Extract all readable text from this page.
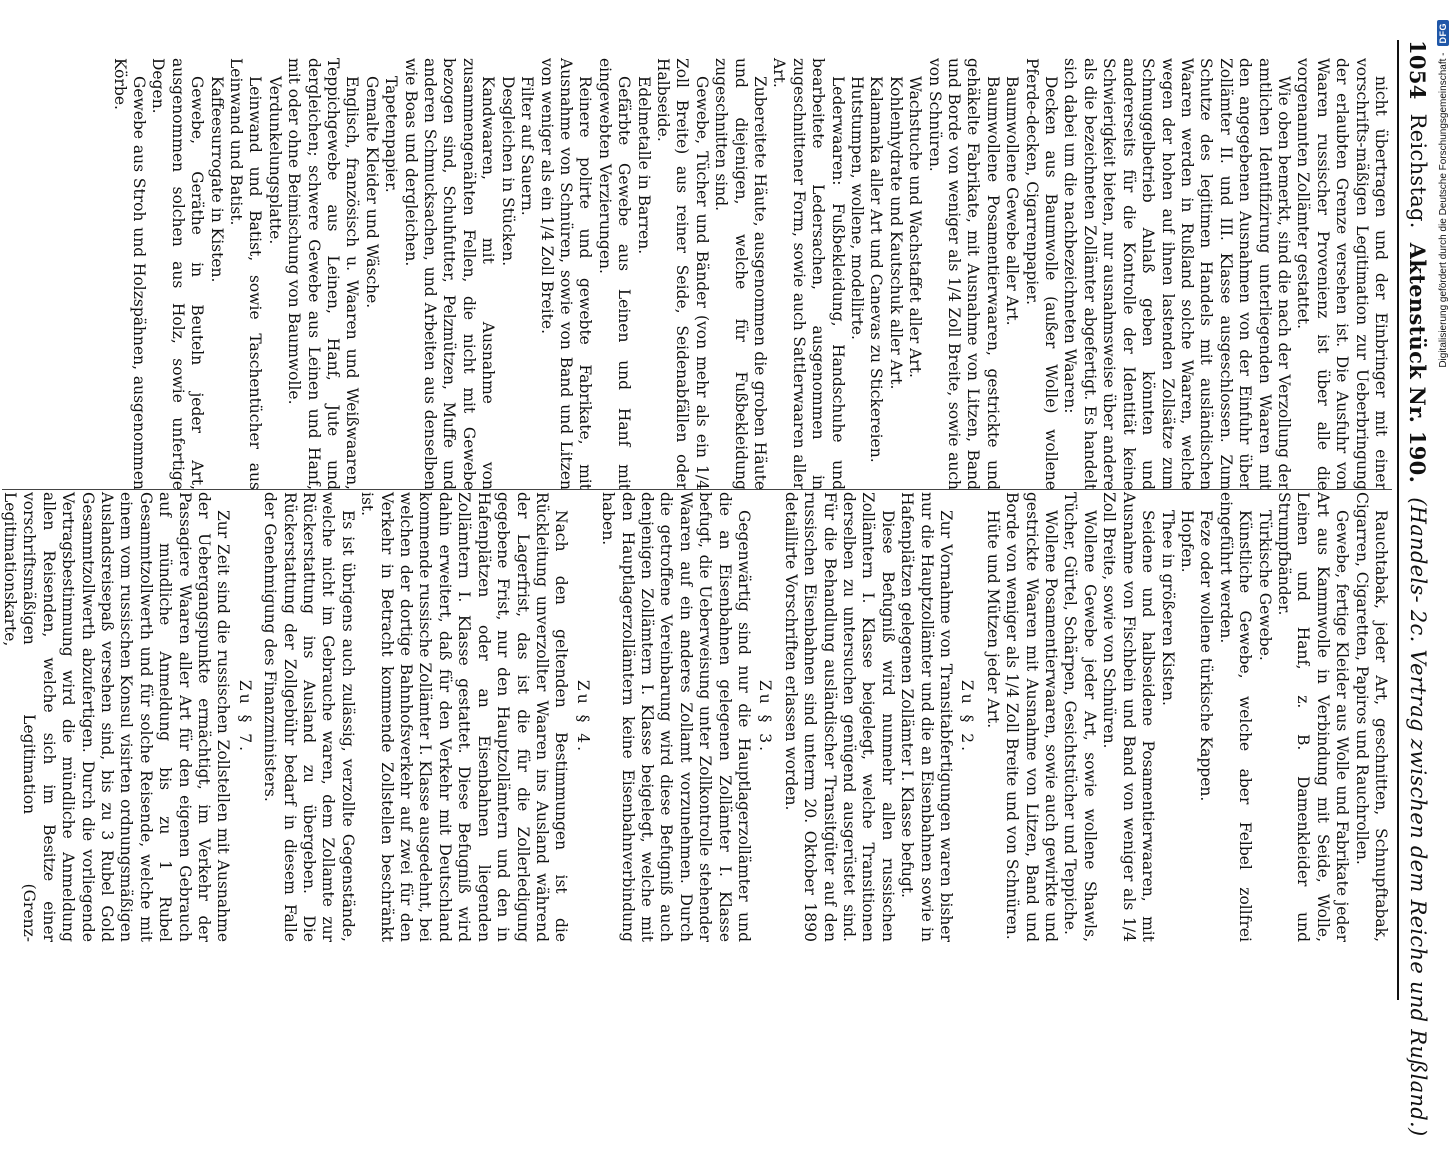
1054
Reichstag.
Aktenstück Nr. 190.
(Handels- 2c. Vertrag zwischen dem Reiche und Rußland.)

nicht übertragen und der Einbringer mit einer vorschrifts-mäßigen Legitimation zur Ueberbringung der erlaubten Grenze versehen ist. Die Ausfuhr von Waaren russischer Provenienz ist über alle die vorgenannten Zollämter gestattet.

Wie oben bemerkt, sind die nach der Verzollung der amtlichen Identifizirung unterliegenden Waaren mit den angegebenen Ausnahmen von der Einfuhr über Zollämter II. und III. Klasse ausgeschlossen. Zum Schutze des legitimen Handels mit ausländischen Waaren werden in Rußland solche Waaren, welche wegen der hohen auf ihnen lastenden Zollsätze zum Schmuggelbetrieb Anlaß geben könnten und andererseits für die Kontrolle der Identität keine Schwierigkeit bieten, nur ausnahmsweise über andere als die bezeichneten Zollämter abgefertigt. Es handelt sich dabei um die nachbezeichneten Waaren:

Decken aus Baumwolle (außer Wolle) wollene Pferde-decken, Cigarrenpapier.

Baumwollene Gewebe aller Art.

Baumwollene Posamentierwaaren, gestrickte und gehäkelte Fabrikate, mit Ausnahme von Litzen, Band und Borde von weniger als 1/4 Zoll Breite, sowie auch von Schnüren.

Wachstuche und Wachstaffet aller Art.

Kohlenhydrate und Kautschuk aller Art.

Kalamanka aller Art und Canevas zu Stickereien.

Hutstumpen, wollene, modellirte.

Lederwaaren: Fußbekleidung, Handschuhe und bearbeitete Ledersachen, ausgenommen in zugeschnittener Form, sowie auch Sattlerwaaren aller Art.

Zubereitete Häute, ausgenommen die groben Häute und diejenigen, welche für Fußbekleidung zugeschnitten sind.

Gewebe, Tücher und Bänder (von mehr als ein 1/4 Zoll Breite) aus reiner Seide, Seidenabfällen oder Halbseide.

Edelmetalle in Barren.

Gefärbte Gewebe aus Leinen und Hanf mit eingewebten Verzierungen.

Reinere polirte und gewebte Fabrikate, mit Ausnahme von Schnüren, sowie von Band und Litzen von weniger als ein 1/4 Zoll Breite.

Filter auf Sauern.

Desgleichen in Stücken.

Kandwaaren, mit Ausnahme von zusammengenähten Fellen, die nicht mit Gewebe bezogen sind, Schuhfutter, Pelzmützen, Muffe und anderen Schmucksachen, und Arbeiten aus denselben wie Boas und dergleichen.

Tapetenpapier.

Gemalte Kleider und Wäsche.

Englisch, französisch u. Waaren und Weißwaaren, Teppichgewebe aus Leinen, Hanf, Jute und dergleichen; schwere Gewebe aus Leinen und Hanf, mit oder ohne Beimischung von Baumwolle.

Verdunkelungsplatte.

Leinwand und Batist, sowie Taschentücher aus Leinwand und Batist.

Kaffeesurrogate in Kisten.

Gewebe, Geräthe in Beuteln jeder Art, ausgenommen solchen aus Holz, sowie unfertige Degen.

Gewebe aus Stroh und Holzspähnen, ausgenommen Körbe.

Rauchtabak, jeder Art, geschnitten, Schnupftabak, Cigarren, Cigaretten, Papiros und Rauchrollen.

Gewebe, fertige Kleider aus Wolle und Fabrikate jeder Art aus Kammwolle in Verbindung mit Seide, Wolle, Leinen und Hanf, z. B. Damenkleider und Strumpfbänder.

Türkische Gewebe.

Künstliche Gewebe, welche aber Felbel zollfrei eingeführt werden.

Feze oder wollene türkische Kappen.

Hopfen.

Thee in größeren Kisten.

Seidene und halbseidene Posamentierwaaren, mit Ausnahme von Fischbein und Band von weniger als 1/4 Zoll Breite, sowie von Schnüren.

Wollene Gewebe jeder Art, sowie wollene Shawls, Tücher, Gürtel, Schärpen, Gesichtstücher und Teppiche.

Wollene Posamentierwaaren, sowie auch gewirkte und gestrickte Waaren mit Ausnahme von Litzen, Band und Borde von weniger als 1/4 Zoll Breite und von Schnüren.

Hüte und Mützen jeder Art.

Zu § 2.

Zur Vornahme von Transitabfertigungen waren bisher nur die Hauptzollämter und die an Eisenbahnen sowie in Hafenplätzen gelegenen Zollämter I. Klasse befugt.

Diese Befugniß wird nunmehr allen russischen Zollämtern I. Klasse beigelegt, welche Transitionen derselben zu untersuchen genügend ausgerüstet sind. Für die Behandlung ausländischer Transitgüter auf den russischen Eisenbahnen sind unterm 20. Oktober 1890 detaillirte Vorschriften erlassen worden.

Zu § 3.

Gegenwärtig sind nur die Hauptlagerzollämter und die an Eisenbahnen gelegenen Zollämter I. Klasse befugt, die Ueberweisung unter Zollkontrolle stehender Waaren auf ein anderes Zollamt vorzunehmen. Durch die getroffene Vereinbarung wird diese Befugniß auch denjenigen Zollämtern I. Klasse beigelegt, welche mit den Hauptlagerzollämtern keine Eisenbahnverbindung haben.

Zu § 4.

Nach den geltenden Bestimmungen ist die Rückleitung unverzollter Waaren ins Ausland während der Lagerfrist, das ist die für die Zollerledigung gegebene Frist, nur den Hauptzollämtern und den in Hafenplätzen oder an Eisenbahnen liegenden Zollämtern I. Klasse gestattet. Diese Befugniß wird dahin erweitert, daß für den Verkehr mit Deutschland kommende russische Zollämter I. Klasse ausgedehnt, bei welchen der dortige Bahnhofsverkehr auf zwei für den Verkehr in Betracht kommende Zollstellen beschränkt ist.

Es ist übrigens auch zulässig, verzollte Gegenstände, welche nicht im Gebrauche waren, dem Zollamte zur Rückerstattung ins Ausland zu übergeben. Die Rückerstattung der Zollgebühr bedarf in diesem Falle der Genehmigung des Finanzministers.

Zu § 7.

Zur Zeit sind die russischen Zollstellen mit Ausnahme der Uebergangspunkte ermächtigt, im Verkehr der Passagiere Waaren aller Art für den eigenen Gebrauch auf mündliche Anmeldung bis zu 1 Rubel Gesammtzollwerth und für solche Reisende, welche mit einem vom russischen Konsul visirten ordnungsmäßigen Auslandsreisepaß versehen sind, bis zu 3 Rubel Gold Gesammtzollwerth abzufertigen. Durch die vorliegende Vertragsbestimmung wird die mündliche Anmeldung allen Reisenden, welche sich im Besitze einer vorschriftsmäßigen Legitimation (Grenz-Legitimationskarte,

Digitalisierung gefördert durch die Deutsche Forschungsgemeinschaft -
DFG
